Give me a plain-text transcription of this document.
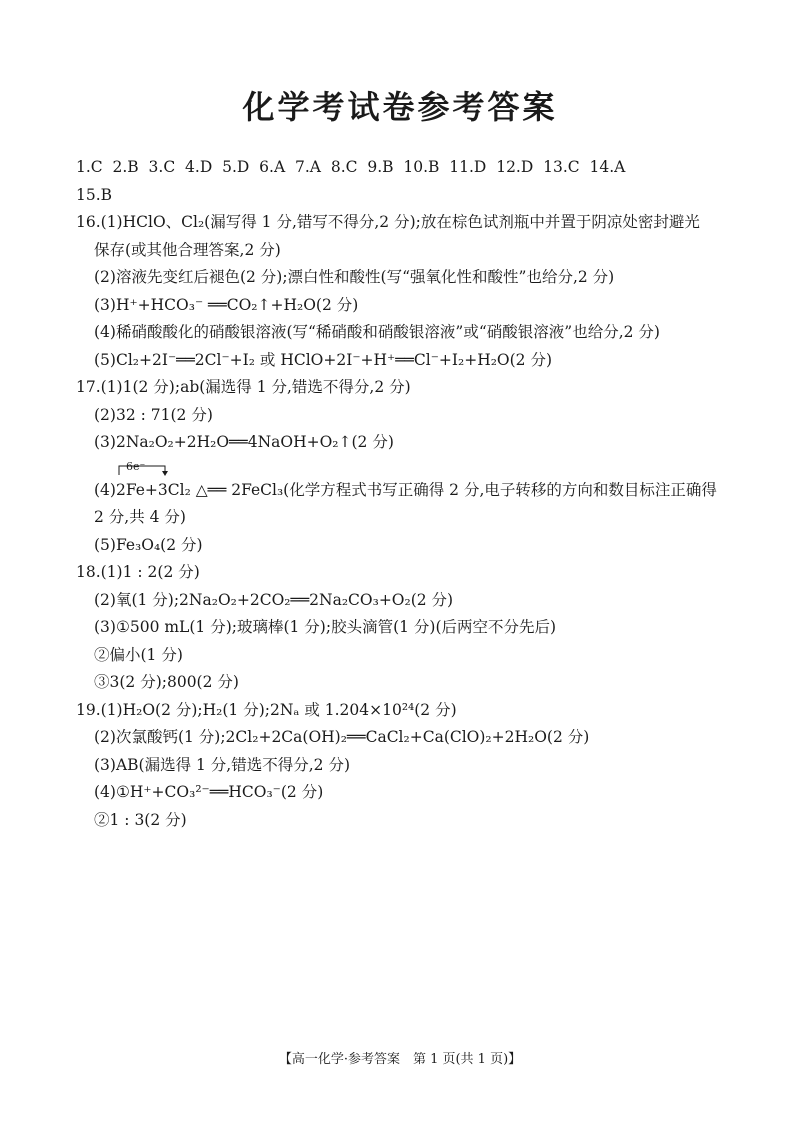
化学考试卷参考答案
1.C  2.B  3.C  4.D  5.D  6.A  7.A  8.C  9.B  10.B  11.D  12.D  13.C  14.A
15.B
16.(1)HClO、Cl₂(漏写得 1 分,错写不得分,2 分);放在棕色试剂瓶中并置于阴凉处密封避光
保存(或其他合理答案,2 分)
(2)溶液先变红后褪色(2 分);漂白性和酸性(写“强氧化性和酸性”也给分,2 分)
(3)H⁺+HCO₃⁻ ══CO₂↑+H₂O(2 分)
(4)稀硝酸酸化的硝酸银溶液(写“稀硝酸和硝酸银溶液”或“硝酸银溶液”也给分,2 分)
(5)Cl₂+2I⁻══2Cl⁻+I₂ 或 HClO+2I⁻+H⁺══Cl⁻+I₂+H₂O(2 分)
17.(1)1(2 分);ab(漏选得 1 分,错选不得分,2 分)
(2)32 : 71(2 分)
(3)2Na₂O₂+2H₂O══4NaOH+O₂↑(2 分)
6e⁻
(4)2Fe+3Cl₂ △══ 2FeCl₃(化学方程式书写正确得 2 分,电子转移的方向和数目标注正确得
2 分,共 4 分)
(5)Fe₃O₄(2 分)
18.(1)1 : 2(2 分)
(2)氧(1 分);2Na₂O₂+2CO₂══2Na₂CO₃+O₂(2 分)
(3)①500 mL(1 分);玻璃棒(1 分);胶头滴管(1 分)(后两空不分先后)
②偏小(1 分)
③3(2 分);800(2 分)
19.(1)H₂O(2 分);H₂(1 分);2Nₐ 或 1.204×10²⁴(2 分)
(2)次氯酸钙(1 分);2Cl₂+2Ca(OH)₂══CaCl₂+Ca(ClO)₂+2H₂O(2 分)
(3)AB(漏选得 1 分,错选不得分,2 分)
(4)①H⁺+CO₃²⁻══HCO₃⁻(2 分)
②1 : 3(2 分)
【高一化学·参考答案　第 1 页(共 1 页)】
